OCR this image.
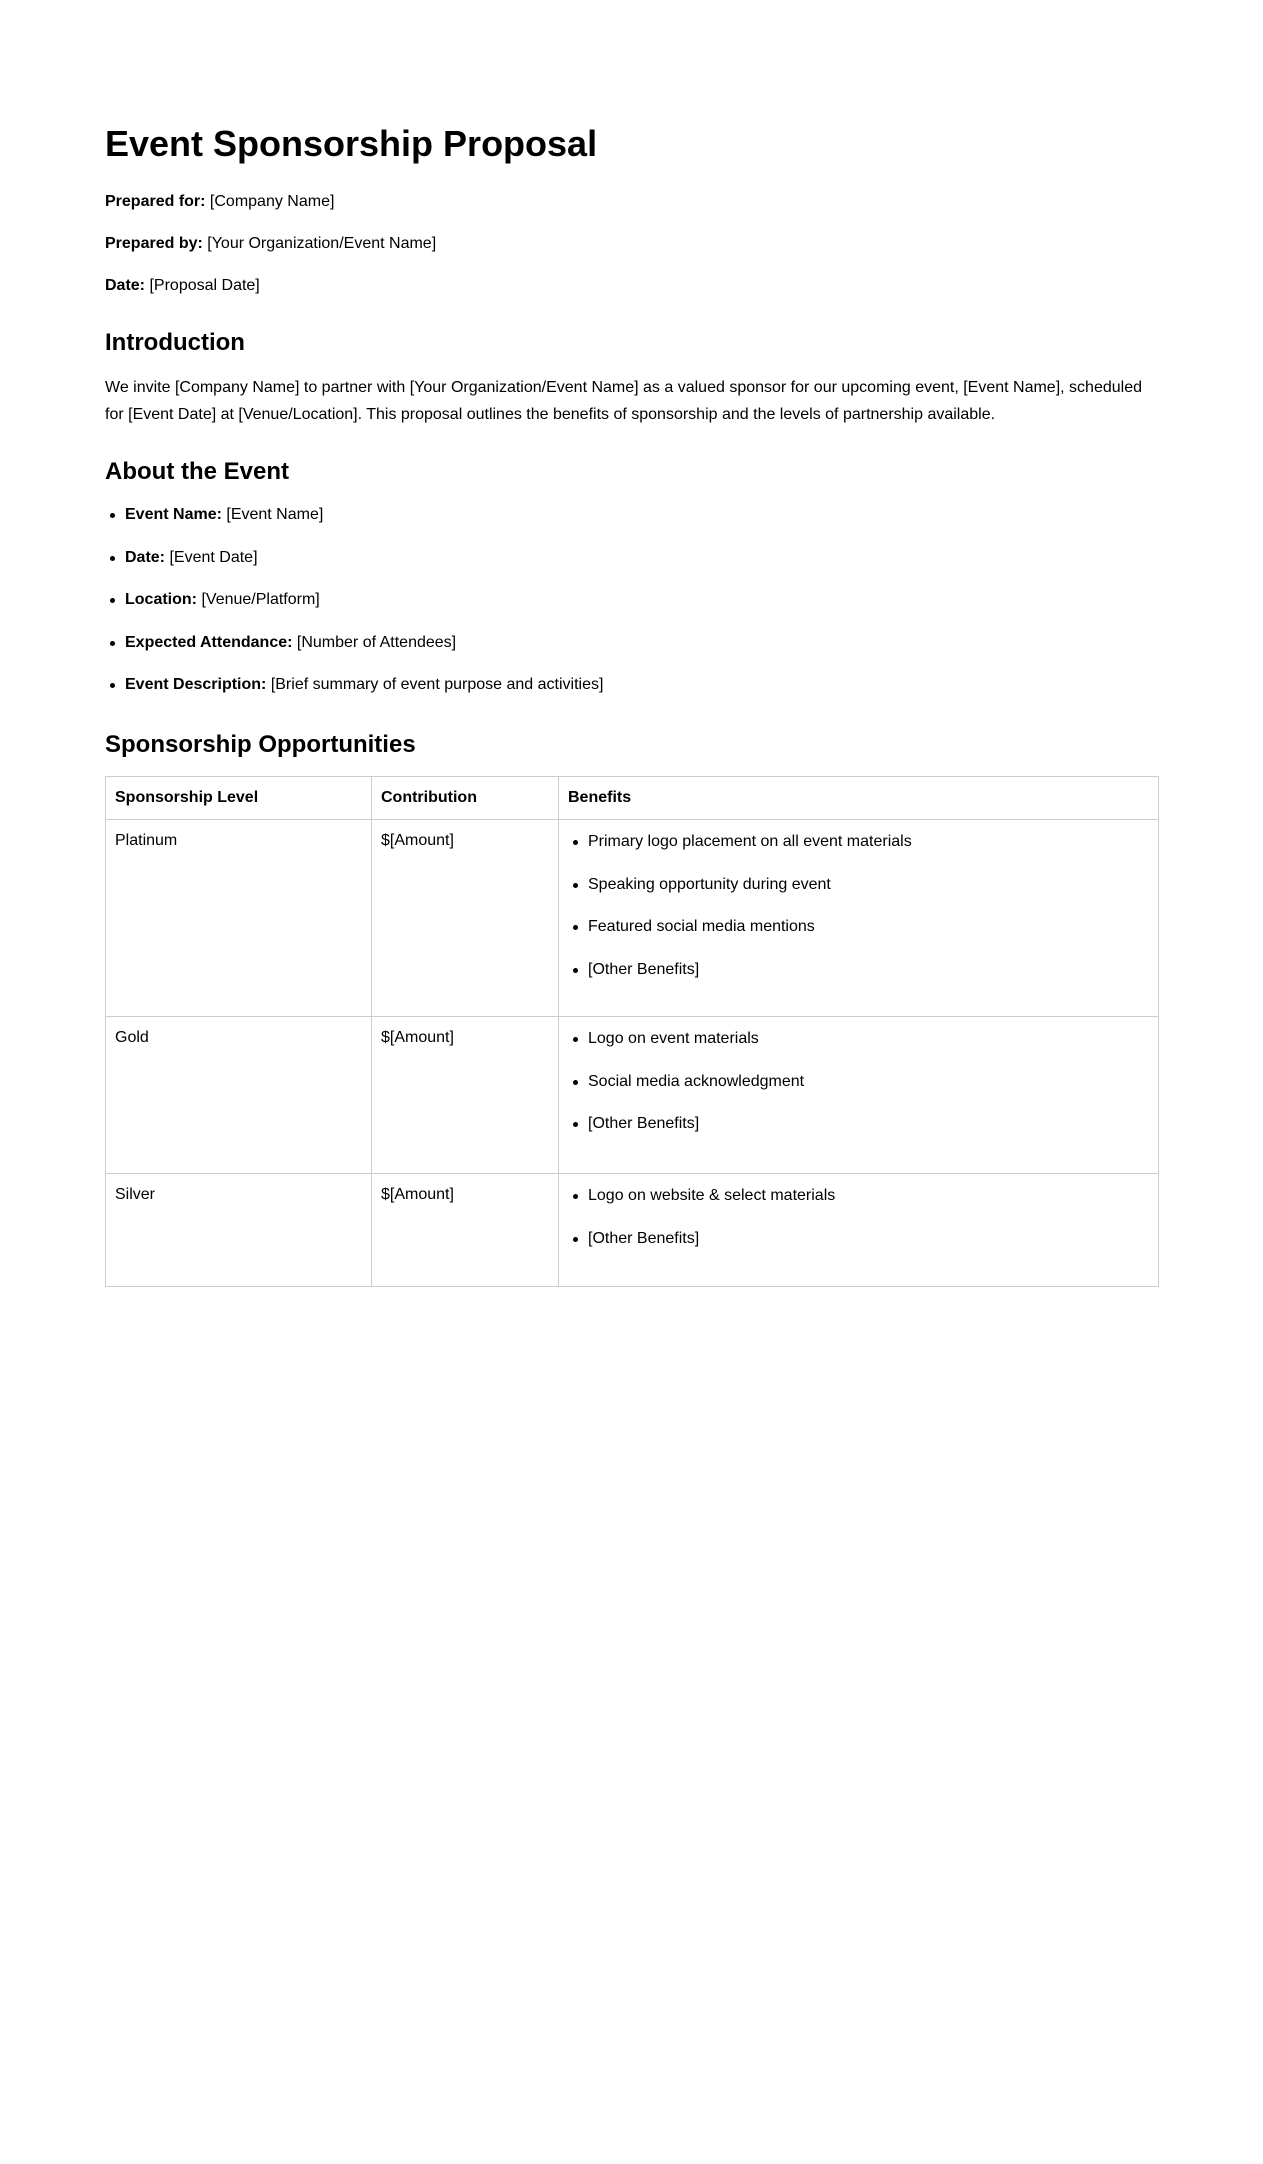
Event Sponsorship Proposal

Prepared for: [Company Name]

Prepared by: [Your Organization/Event Name]

Date: [Proposal Date]

Introduction

We invite [Company Name] to partner with [Your Organization/Event Name] as a valued sponsor for our upcoming event, [Event Name], scheduled for [Event Date] at [Venue/Location]. This proposal outlines the benefits of sponsorship and the levels of partnership available.

About the Event
Event Name: [Event Name]
Date: [Event Date]
Location: [Venue/Platform]
Expected Attendance: [Number of Attendees]
Event Description: [Brief summary of event purpose and activities]
Sponsorship Opportunities
Sponsorship Level	Contribution	Benefits
Platinum	$[Amount]	Primary logo placement on all event materials
Speaking opportunity during event
Featured social media mentions
[Other Benefits]

Gold	$[Amount]	Logo on event materials
Social media acknowledgment
[Other Benefits]

Silver	$[Amount]	Logo on website & select materials
[Other Benefits]
